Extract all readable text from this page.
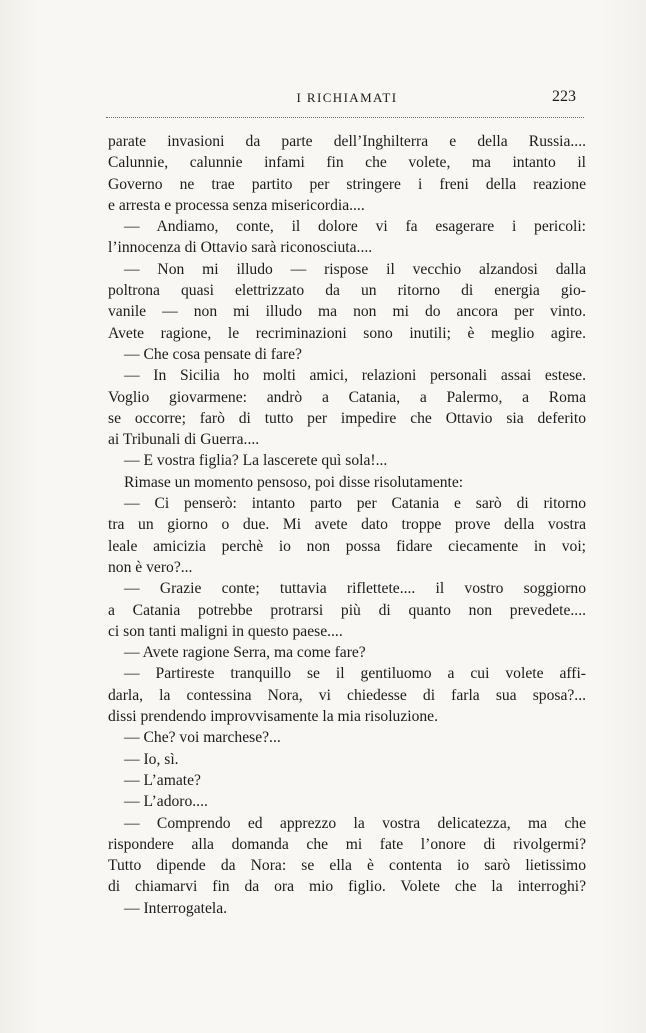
I RICHIAMATI	223
parate invasioni da parte dell’Inghilterra e della Russia....
Calunnie, calunnie infami fin che volete, ma intanto il
Governo ne trae partito per stringere i freni della reazione
e arresta e processa senza misericordia....
— Andiamo, conte, il dolore vi fa esagerare i pericoli:
l’innocenza di Ottavio sarà riconosciuta....
— Non mi illudo — rispose il vecchio alzandosi dalla
poltrona quasi elettrizzato da un ritorno di energia gio-
vanile — non mi illudo ma non mi do ancora per vinto.
Avete ragione, le recriminazioni sono inutili; è meglio agire.
— Che cosa pensate di fare?
— In Sicilia ho molti amici, relazioni personali assai estese.
Voglio giovarmene: andrò a Catania, a Palermo, a Roma
se occorre; farò di tutto per impedire che Ottavio sia deferito
ai Tribunali di Guerra....
— E vostra figlia? La lascerete quì sola!...
Rimase un momento pensoso, poi disse risolutamente:
— Ci penserò: intanto parto per Catania e sarò di ritorno
tra un giorno o due. Mi avete dato troppe prove della vostra
leale amicizia perchè io non possa fidare ciecamente in voi;
non è vero?...
— Grazie conte; tuttavia riflettete.... il vostro soggiorno
a Catania potrebbe protrarsi più di quanto non prevedete....
ci son tanti maligni in questo paese....
— Avete ragione Serra, ma come fare?
— Partireste tranquillo se il gentiluomo a cui volete affi-
darla, la contessina Nora, vi chiedesse di farla sua sposa?...
dissi prendendo improvvisamente la mia risoluzione.
— Che? voi marchese?...
— Io, sì.
— L’amate?
— L’adoro....
— Comprendo ed apprezzo la vostra delicatezza, ma che
rispondere alla domanda che mi fate l’onore di rivolgermi?
Tutto dipende da Nora: se ella è contenta io sarò lietissimo
di chiamarvi fin da ora mio figlio. Volete che la interroghi?
— Interrogatela.
